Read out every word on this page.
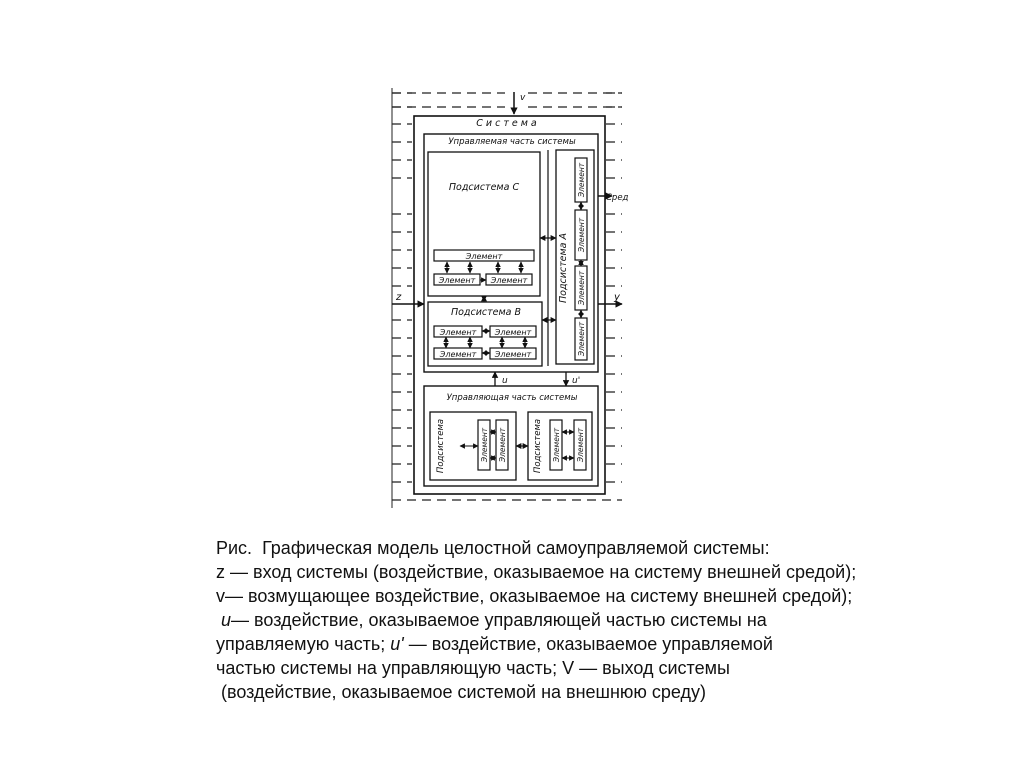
v
Система
z	y
Сред
Управляемая часть системы
Подсистема С
Элемент
Элемент Элемент
Подсистема В
Элемент Элемент
Элемент Элемент
Подсистема А
Элемент
Элемент
Элемент
Элемент
u	u'
Управляющая часть системы
Подсистема	Элемент Элемент	Подсистема Элемент Элемент
Рис.  Графическая модель целостной самоуправляемой системы:
z — вход системы (воздействие, оказываемое на систему внешней средой);
v— возмущающее воздействие, оказываемое на систему внешней средой);
u— воздействие, оказываемое управляющей частью системы на
управляемую часть; u' — воздействие, оказываемое управляемой
частью системы на управляющую часть; V — выход системы
(воздействие, оказываемое системой на внешнюю среду)
